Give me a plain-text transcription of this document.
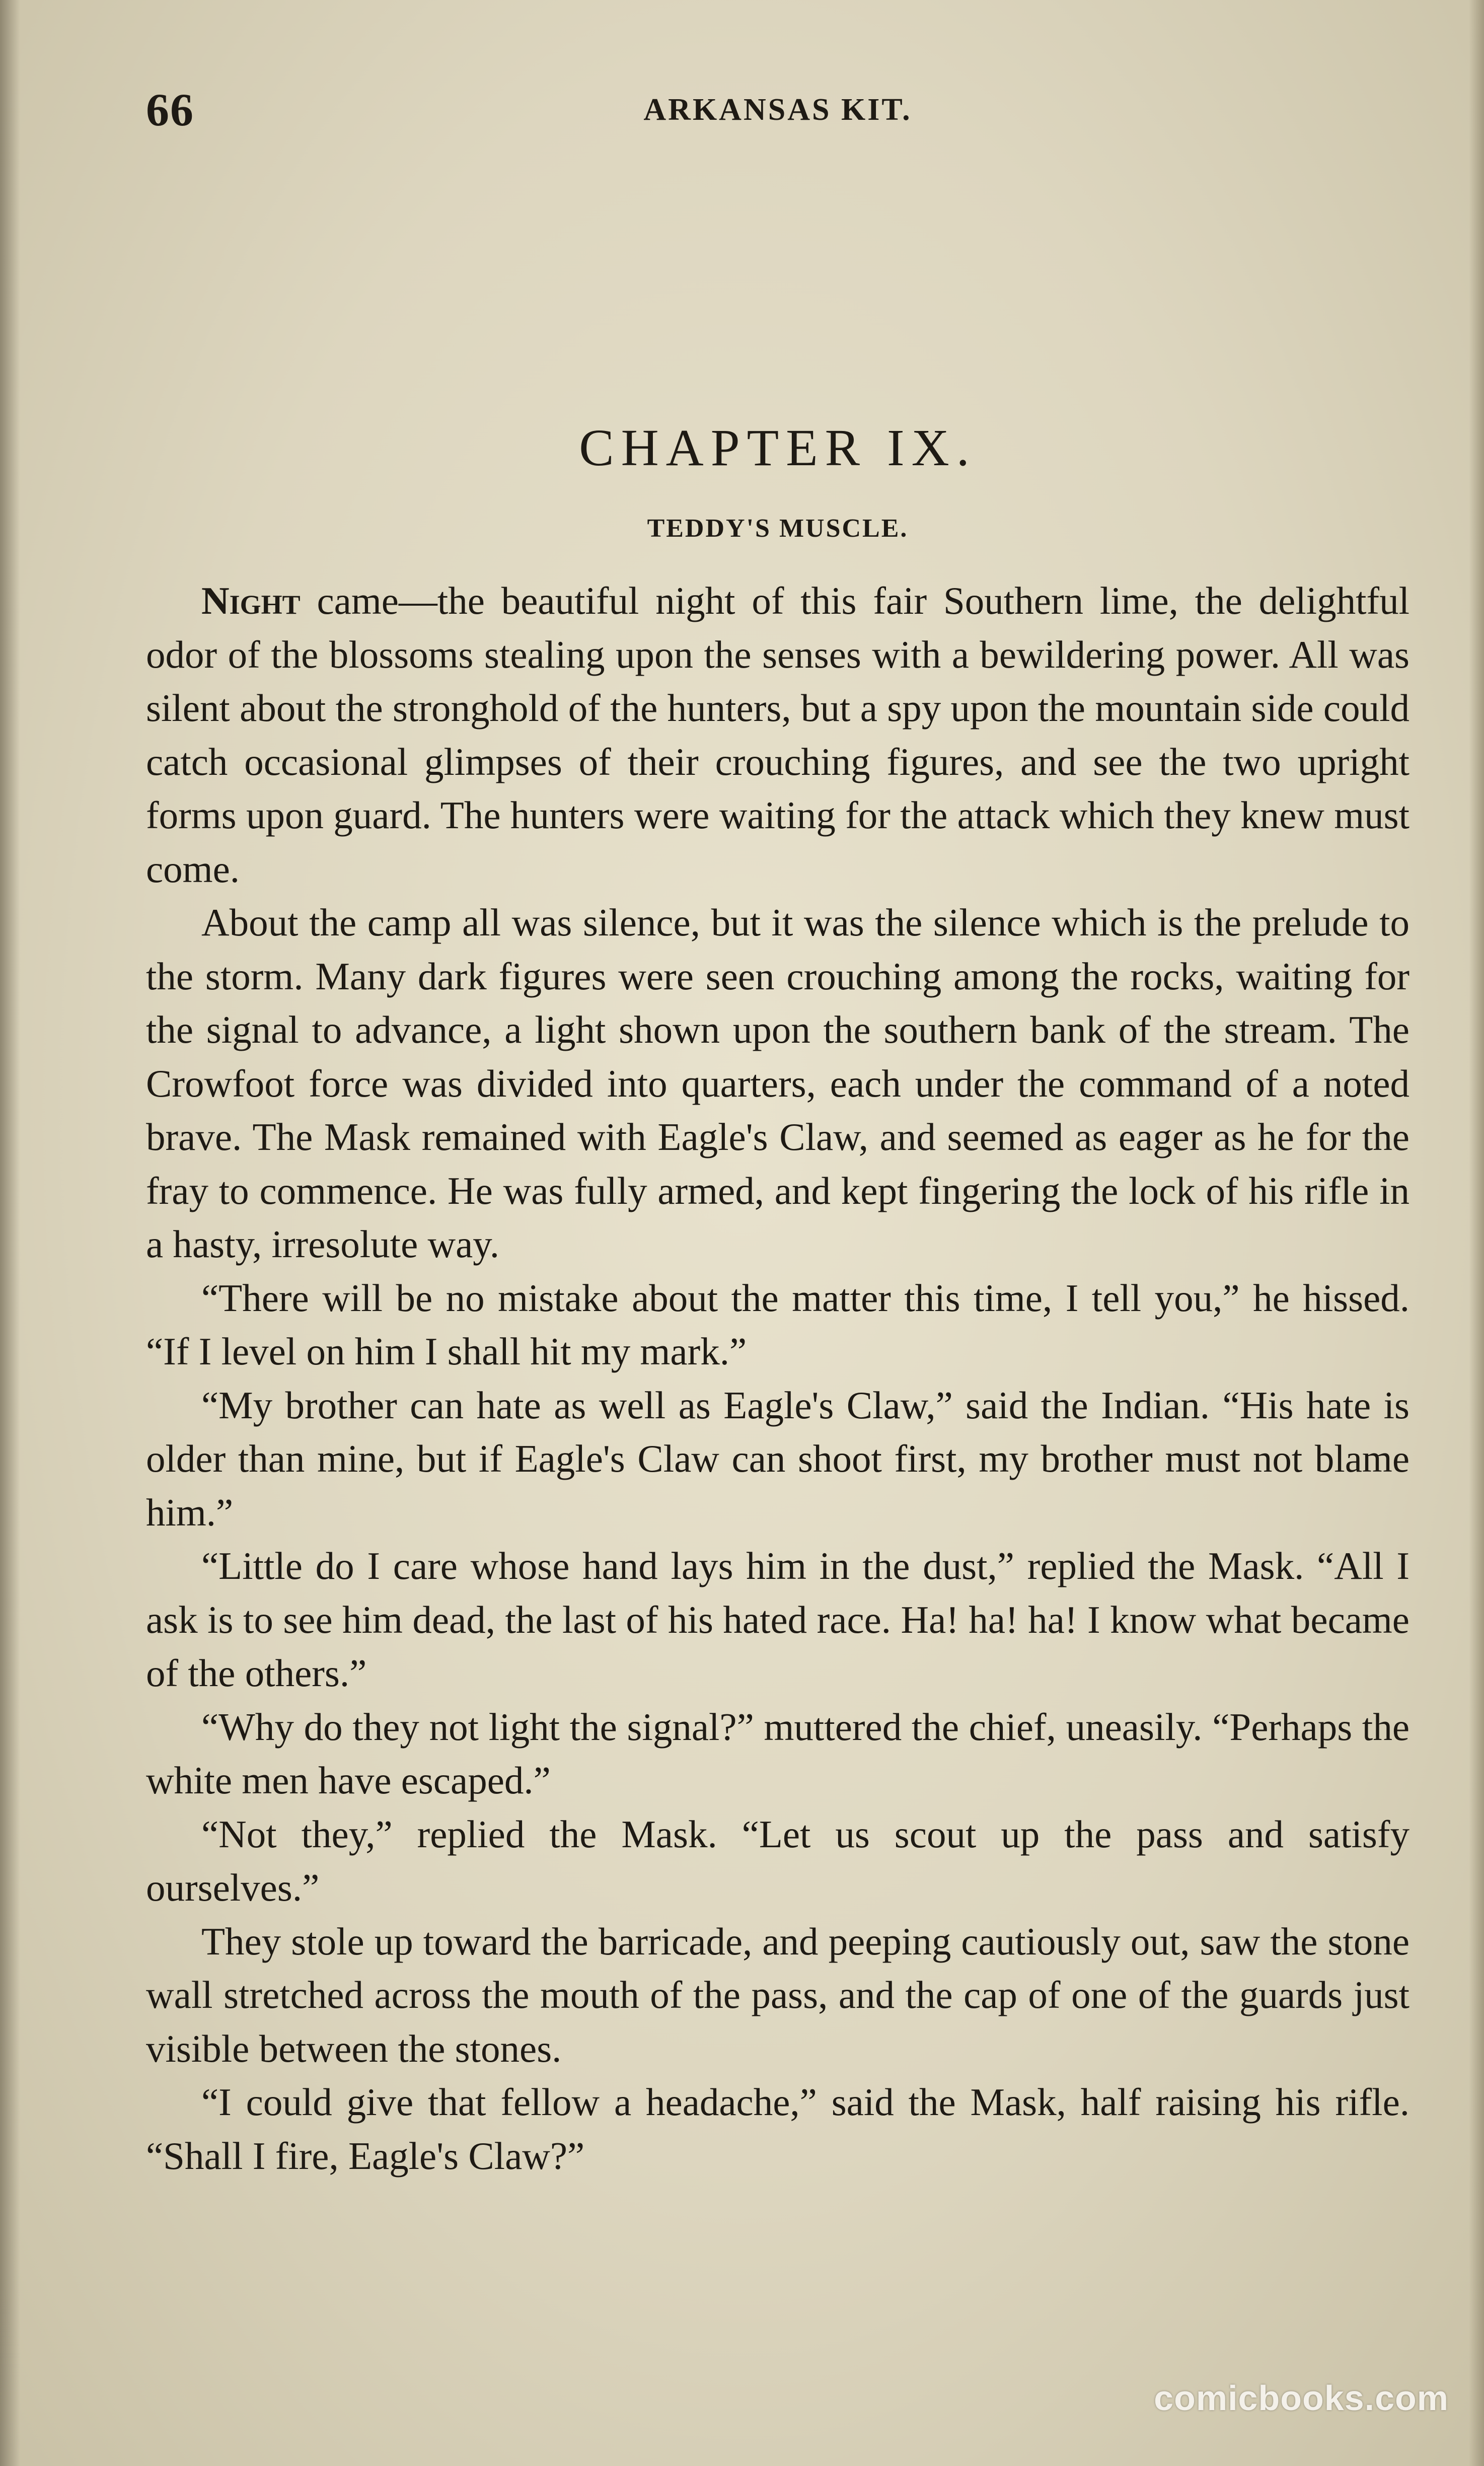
66	ARKANSAS KIT.
CHAPTER IX.
TEDDY'S MUSCLE.

Night came—the beautiful night of this fair Southern lime, the delightful odor of the blossoms stealing upon the senses with a bewildering power. All was silent about the stronghold of the hunters, but a spy upon the mountain side could catch occasional glimpses of their crouching figures, and see the two upright forms upon guard. The hunters were waiting for the attack which they knew must come.

About the camp all was silence, but it was the silence which is the prelude to the storm. Many dark figures were seen crouching among the rocks, waiting for the signal to advance, a light shown upon the southern bank of the stream. The Crowfoot force was divided into quarters, each under the command of a noted brave. The Mask remained with Eagle's Claw, and seemed as eager as he for the fray to commence. He was fully armed, and kept fingering the lock of his rifle in a hasty, irresolute way.

“There will be no mistake about the matter this time, I tell you,” he hissed. “If I level on him I shall hit my mark.”

“My brother can hate as well as Eagle's Claw,” said the Indian. “His hate is older than mine, but if Eagle's Claw can shoot first, my brother must not blame him.”

“Little do I care whose hand lays him in the dust,” replied the Mask. “All I ask is to see him dead, the last of his hated race. Ha! ha! ha! I know what became of the others.”

“Why do they not light the signal?” muttered the chief, uneasily. “Perhaps the white men have escaped.”

“Not they,” replied the Mask. “Let us scout up the pass and satisfy ourselves.”

They stole up toward the barricade, and peeping cautiously out, saw the stone wall stretched across the mouth of the pass, and the cap of one of the guards just visible between the stones.

“I could give that fellow a headache,” said the Mask, half raising his rifle. “Shall I fire, Eagle's Claw?”

comicbooks.com
